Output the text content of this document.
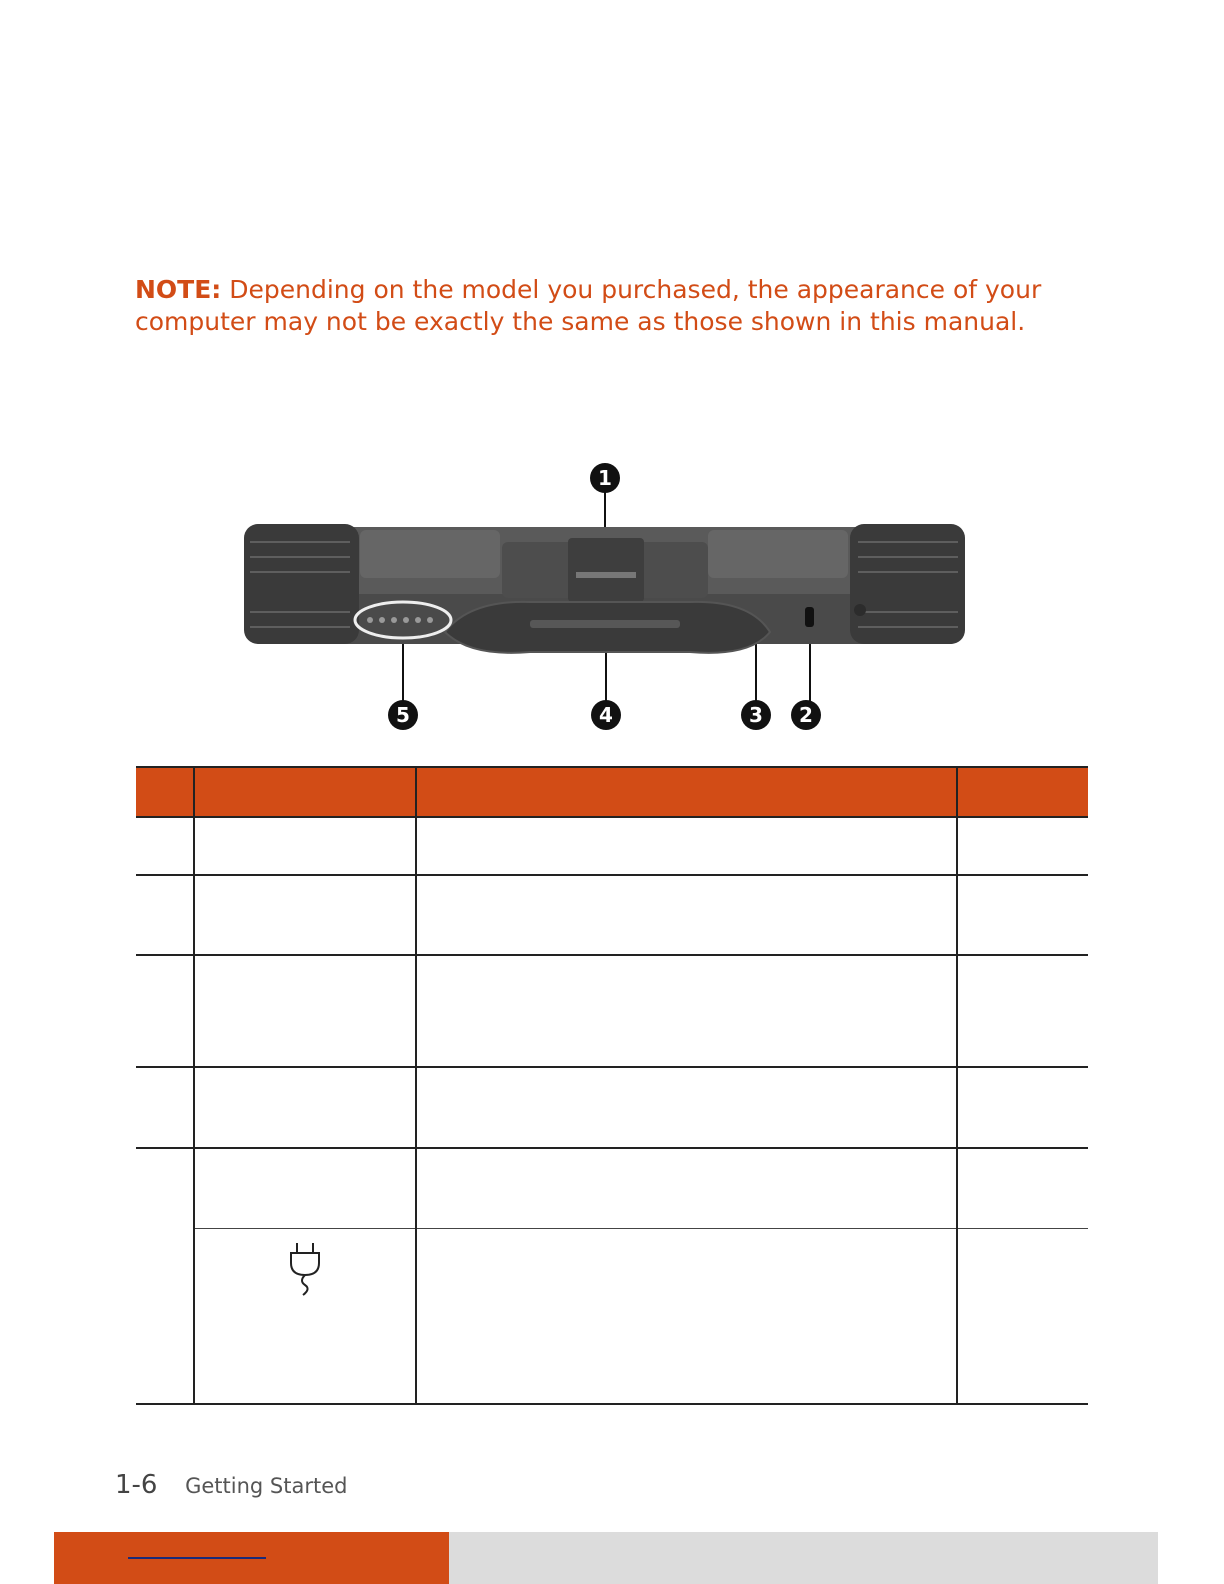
NOTE: Depending on the model you purchased, the appearance of your computer may not be exactly the same as those shown in this manual.
1
2
3
4
5

1-6 Getting Started
